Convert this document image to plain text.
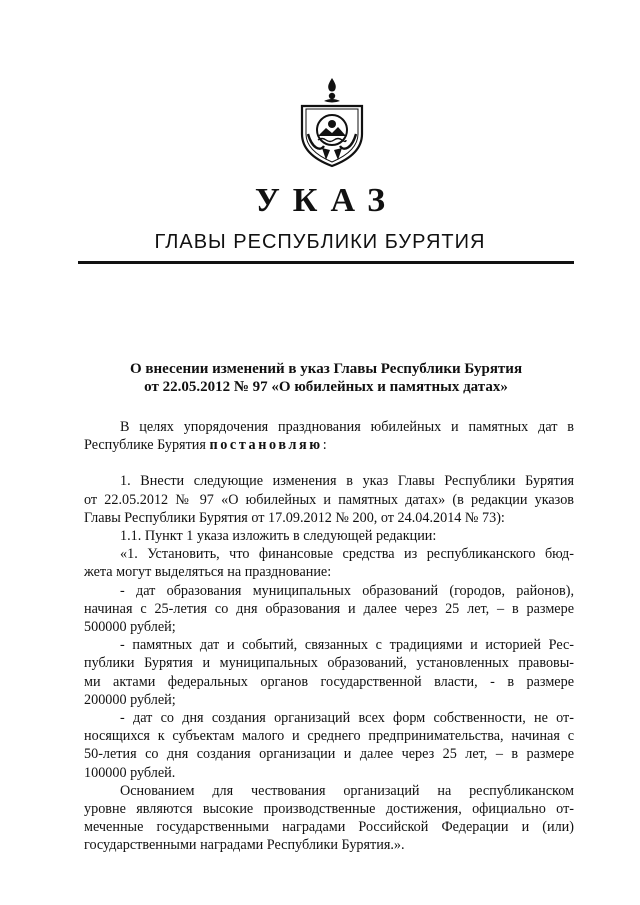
УКАЗ
ГЛАВЫ РЕСПУБЛИКИ БУРЯТИЯ
О внесении изменений в указ Главы Республики Бурятия
от 22.05.2012 № 97 «О юбилейных и памятных датах»

В целях упорядочения празднования юбилейных и памятных дат в

Республике Бурятия постановляю:

1. Внести следующие изменения в указ Главы Республики Бурятия

от 22.05.2012 № 97 «О юбилейных и памятных датах» (в редакции указов

Главы Республики Бурятия от 17.09.2012 № 200, от 24.04.2014 № 73):

1.1. Пункт 1 указа изложить в следующей редакции:

«1. Установить, что финансовые средства из республиканского бюд-

жета могут выделяться на празднование:

- дат образования муниципальных образований (городов, районов),

начиная с 25-летия со дня образования и далее через 25 лет, – в размере

500000 рублей;

- памятных дат и событий, связанных с традициями и историей Рес-

публики Бурятия и муниципальных образований, установленных правовы-

ми актами федеральных органов государственной власти, - в размере

200000 рублей;

- дат со дня создания организаций всех форм собственности, не от-

носящихся к субъектам малого и среднего предпринимательства, начиная с

50-летия со дня создания организации и далее через 25 лет, – в размере

100000 рублей.

Основанием для чествования организаций на республиканском

уровне являются высокие производственные достижения, официально от-

меченные государственными наградами Российской Федерации и (или)

государственными наградами Республики Бурятия.».
